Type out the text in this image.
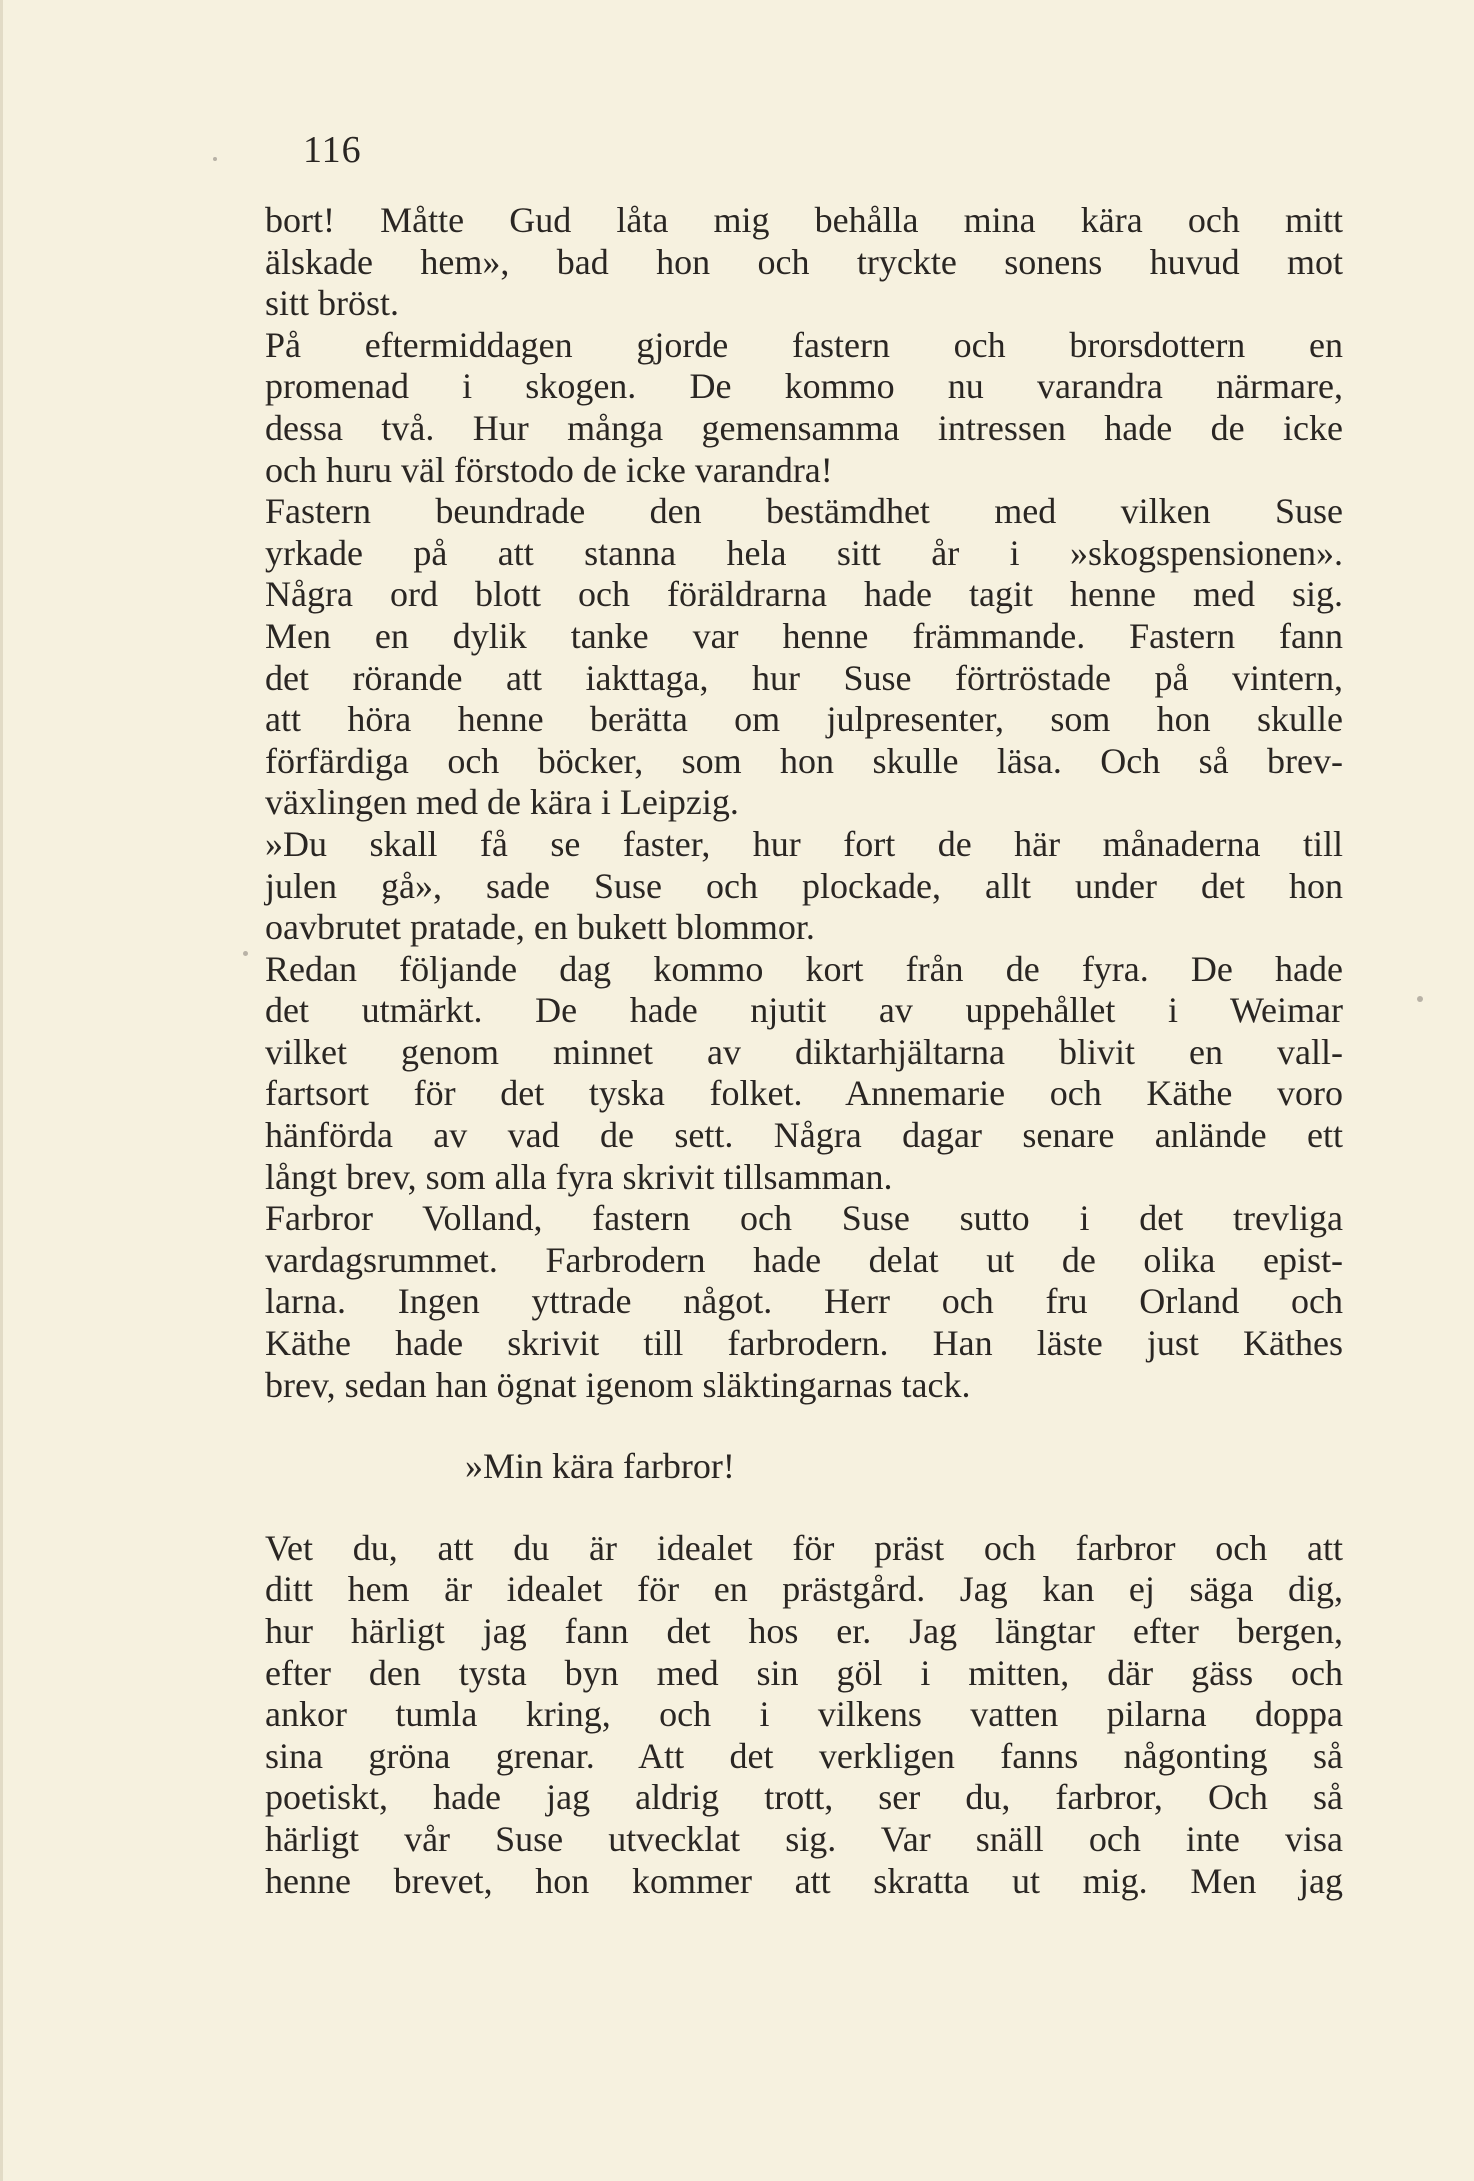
116
bort! Måtte Gud låta mig behålla mina kära och mitt
älskade hem», bad hon och tryckte sonens huvud mot
sitt bröst.
På eftermiddagen gjorde fastern och brorsdottern en
promenad i skogen. De kommo nu varandra närmare,
dessa två. Hur många gemensamma intressen hade de icke
och huru väl förstodo de icke varandra!
Fastern beundrade den bestämdhet med vilken Suse
yrkade på att stanna hela sitt år i »skogspensionen».
Några ord blott och föräldrarna hade tagit henne med sig.
Men en dylik tanke var henne främmande. Fastern fann
det rörande att iakttaga, hur Suse förtröstade på vintern,
att höra henne berätta om julpresenter, som hon skulle
förfärdiga och böcker, som hon skulle läsa. Och så brev-
växlingen med de kära i Leipzig.
»Du skall få se faster, hur fort de här månaderna till
julen gå», sade Suse och plockade, allt under det hon
oavbrutet pratade, en bukett blommor.
Redan följande dag kommo kort från de fyra. De hade
det utmärkt. De hade njutit av uppehållet i Weimar
vilket genom minnet av diktarhjältarna blivit en vall-
fartsort för det tyska folket. Annemarie och Käthe voro
hänförda av vad de sett. Några dagar senare anlände ett
långt brev, som alla fyra skrivit tillsamman.
Farbror Volland, fastern och Suse sutto i det trevliga
vardagsrummet. Farbrodern hade delat ut de olika epist-
larna. Ingen yttrade något. Herr och fru Orland och
Käthe hade skrivit till farbrodern. Han läste just Käthes
brev, sedan han ögnat igenom släktingarnas tack.
»Min kära farbror!
Vet du, att du är idealet för präst och farbror och att
ditt hem är idealet för en prästgård. Jag kan ej säga dig,
hur härligt jag fann det hos er. Jag längtar efter bergen,
efter den tysta byn med sin göl i mitten, där gäss och
ankor tumla kring, och i vilkens vatten pilarna doppa
sina gröna grenar. Att det verkligen fanns någonting så
poetiskt, hade jag aldrig trott, ser du, farbror, Och så
härligt vår Suse utvecklat sig. Var snäll och inte visa
henne brevet, hon kommer att skratta ut mig. Men jag
